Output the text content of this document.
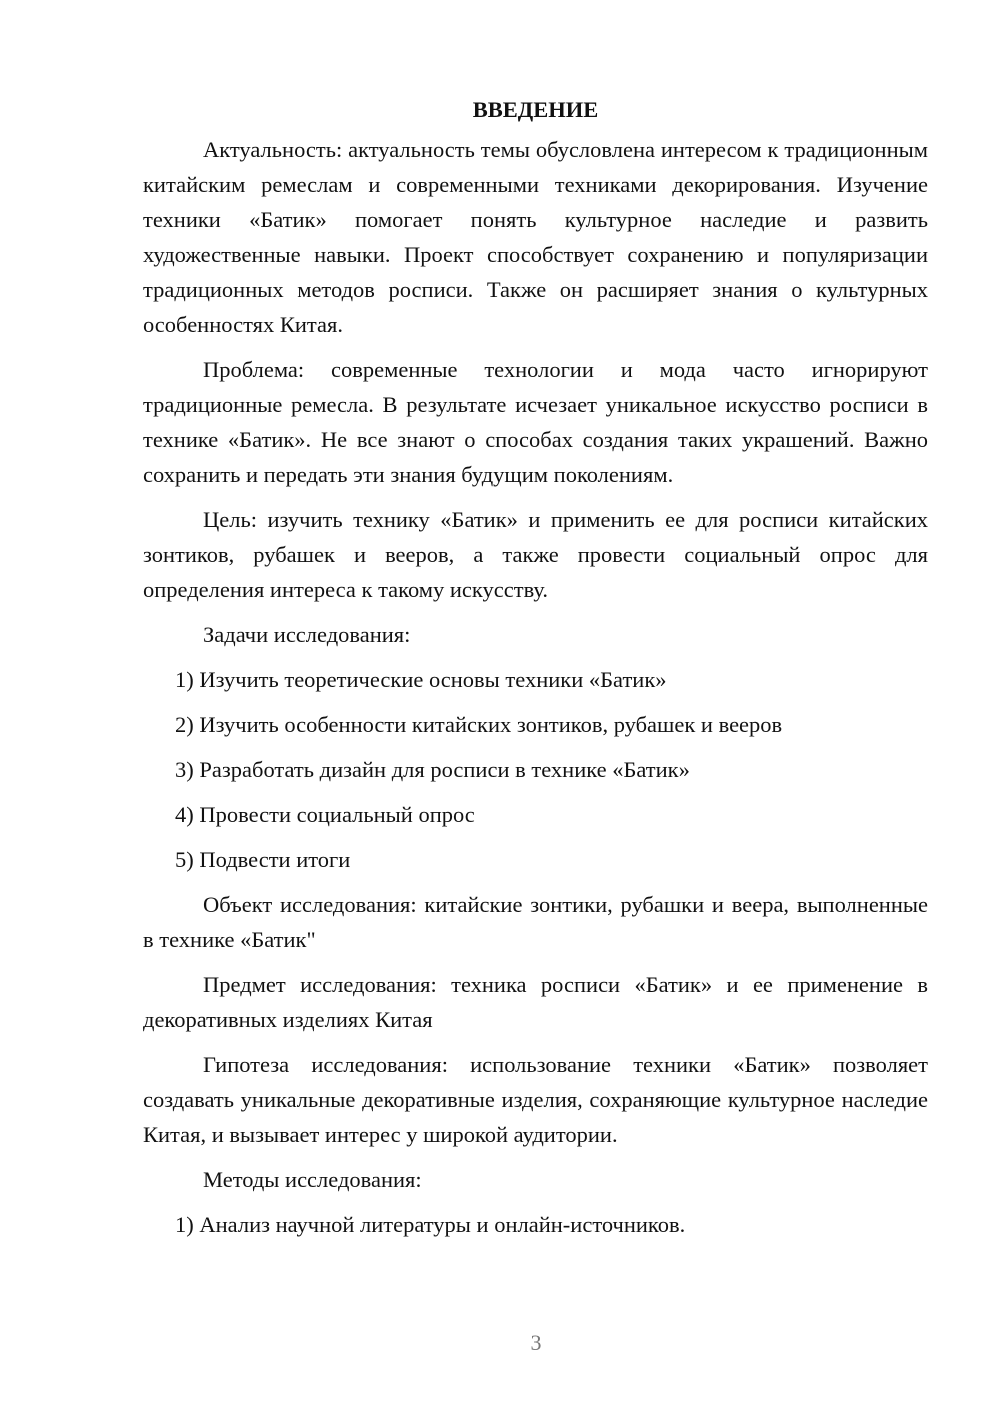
ВВЕДЕНИЕ

Актуальность: актуальность темы обусловлена интересом к традиционным китайским ремеслам и современными техниками декорирования. Изучение техники «Батик» помогает понять культурное наследие и развить художественные навыки. Проект способствует сохранению и популяризации традиционных методов росписи. Также он расширяет знания о культурных особенностях Китая.

Проблема: современные технологии и мода часто игнорируют традиционные ремесла. В результате исчезает уникальное искусство росписи в технике «Батик». Не все знают о способах создания таких украшений. Важно сохранить и передать эти знания будущим поколениям.

Цель: изучить технику «Батик» и применить ее для росписи китайских зонтиков, рубашек и вееров, а также провести социальный опрос для определения интереса к такому искусству.

Задачи исследования:
1) Изучить теоретические основы техники «Батик»
2) Изучить особенности китайских зонтиков, рубашек и вееров
3) Разработать дизайн для росписи в технике «Батик»
4) Провести социальный опрос
5) Подвести итоги

Объект исследования: китайские зонтики, рубашки и веера, выполненные в технике «Батик"

Предмет исследования: техника росписи «Батик» и ее применение в декоративных изделиях Китая

Гипотеза исследования: использование техники «Батик» позволяет создавать уникальные декоративные изделия, сохраняющие культурное наследие Китая, и вызывает интерес у широкой аудитории.

Методы исследования:
1) Анализ научной литературы и онлайн-источников.
3
